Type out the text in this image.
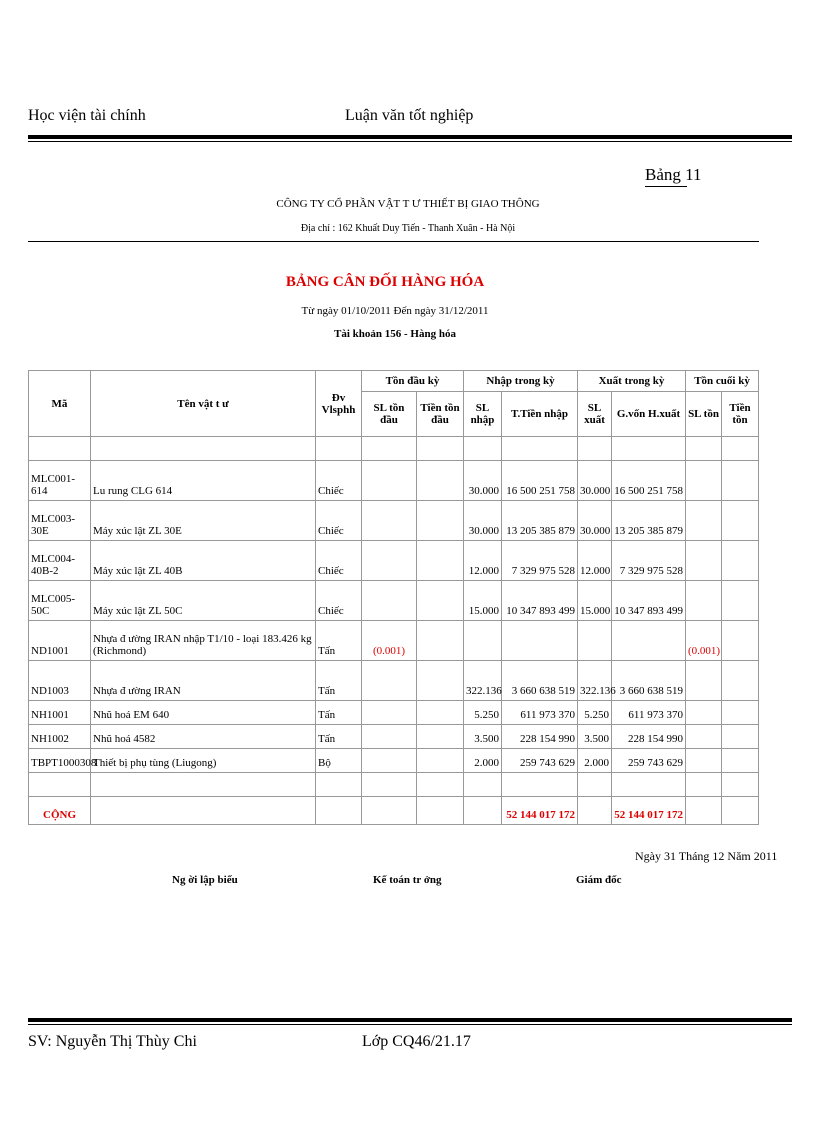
Học viện tài chính	Luận văn tốt nghiệp
Bảng 11
CÔNG TY CỔ PHẦN VẬT T Ư THIẾT BỊ GIAO THÔNG
Địa chỉ : 162 Khuất Duy Tiến - Thanh Xuân - Hà Nội
BẢNG CÂN ĐỐI HÀNG HÓA
Từ ngày 01/10/2011 Đến ngày 31/12/2011
Tài khoản 156 - Hàng hóa
Mã	Tên vật t ư	Đv Vlsphh	Tồn đầu kỳ		Nhập trong kỳ		Xuất trong kỳ		Tồn cuối kỳ	
			SL tồn đầu	Tiền tồn đầu	SL nhập	T.Tiền nhập	SL xuất	G.vốn H.xuất	SL tồn	Tiền tồn

MLC001-614	Lu rung CLG 614	Chiếc			30.000	16 500 251 758	30.000	16 500 251 758		
MLC003-30E	Máy xúc lật ZL 30E	Chiếc			30.000	13 205 385 879	30.000	13 205 385 879		
MLC004-40B-2	Máy xúc lật ZL 40B	Chiếc			12.000	7 329 975 528	12.000	7 329 975 528		
MLC005-50C	Máy xúc lật ZL 50C	Chiếc			15.000	10 347 893 499	15.000	10 347 893 499		
ND1001	Nhựa đ ường IRAN nhập T1/10 - loại 183.426 kg (Richmond)	Tấn	(0.001)						(0.001)	
ND1003	Nhựa đ ường IRAN	Tấn			322.136	3 660 638 519	322.136	3 660 638 519		
NH1001	Nhũ hoá EM 640	Tấn			5.250	611 973 370	5.250	611 973 370		
NH1002	Nhũ hoá 4582	Tấn			3.500	228 154 990	3.500	228 154 990		
TBPT1000308	Thiết bị phụ tùng (Liugong)	Bộ			2.000	259 743 629	2.000	259 743 629		

CỘNG						52 144 017 172		52 144 017 172		
Ngày 31 Tháng 12 Năm 2011
Ng ời lập biểu	Kế toán tr ởng	Giám đốc
SV: Nguyễn Thị Thùy Chi	Lớp CQ46/21.17
